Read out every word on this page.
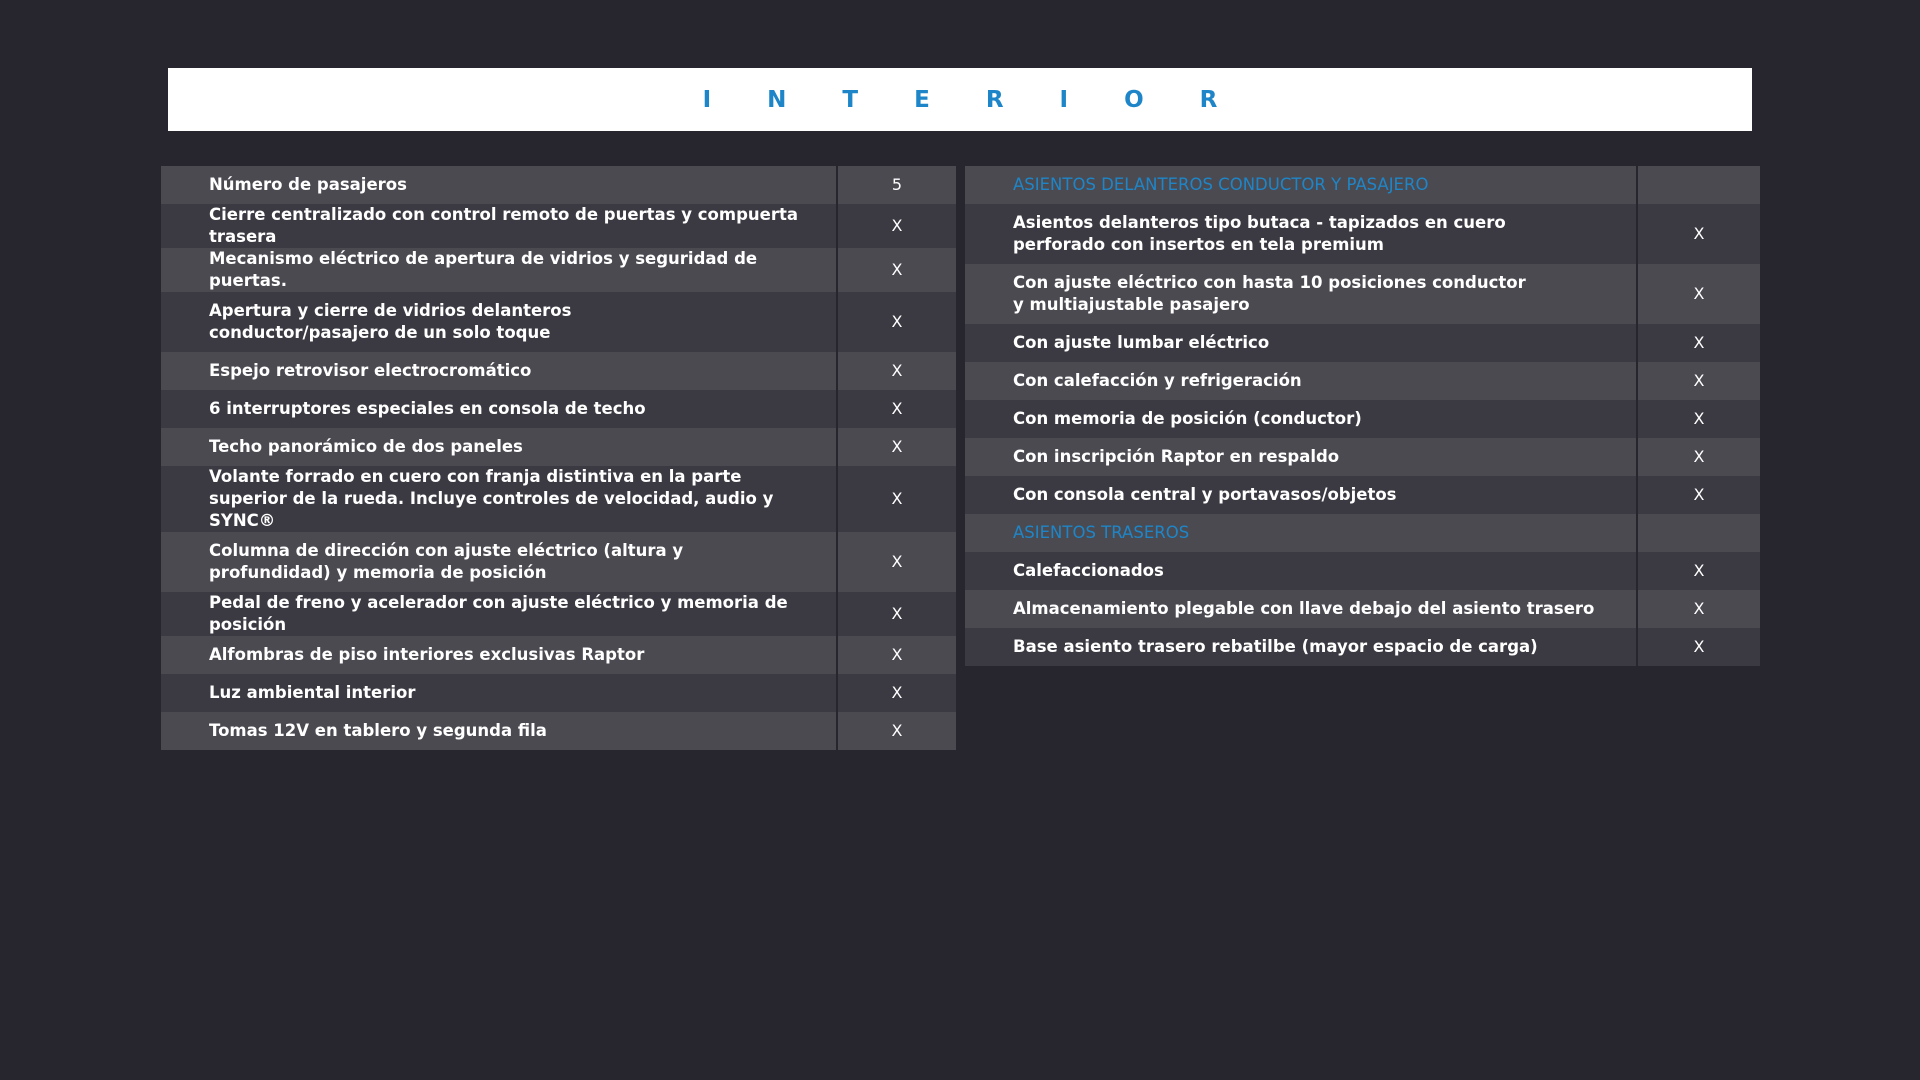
I N T E R I O R
Número de pasajeros	5
Cierre centralizado con control remoto de puertas y compuerta trasera	X
Mecanismo eléctrico de apertura de vidrios y seguridad de puertas.	X
Apertura y cierre de vidrios delanteros conductor/pasajero de un solo toque	X
Espejo retrovisor electrocromático	X
6 interruptores especiales en consola de techo	X
Techo panorámico de dos paneles	X
Volante forrado en cuero con franja distintiva en la parte superior de la rueda. Incluye controles de velocidad, audio y SYNC®	X
Columna de dirección con ajuste eléctrico (altura y profundidad) y memoria de posición	X
Pedal de freno y acelerador con ajuste eléctrico y memoria de posición	X
Alfombras de piso interiores exclusivas Raptor	X
Luz ambiental interior	X
Tomas 12V en tablero y segunda fila	X
ASIENTOS DELANTEROS CONDUCTOR Y PASAJERO	
Asientos delanteros tipo butaca - tapizados en cuero perforado con insertos en tela premium	X
Con ajuste eléctrico con hasta 10 posiciones conductor y multiajustable pasajero	X
Con ajuste lumbar eléctrico	X
Con calefacción y refrigeración	X
Con memoria de posición (conductor)	X
Con inscripción Raptor en respaldo	X
Con consola central y portavasos/objetos	X
ASIENTOS TRASEROS	
Calefaccionados	X
Almacenamiento plegable con llave debajo del asiento trasero	X
Base asiento trasero rebatilbe (mayor espacio de carga)	X
